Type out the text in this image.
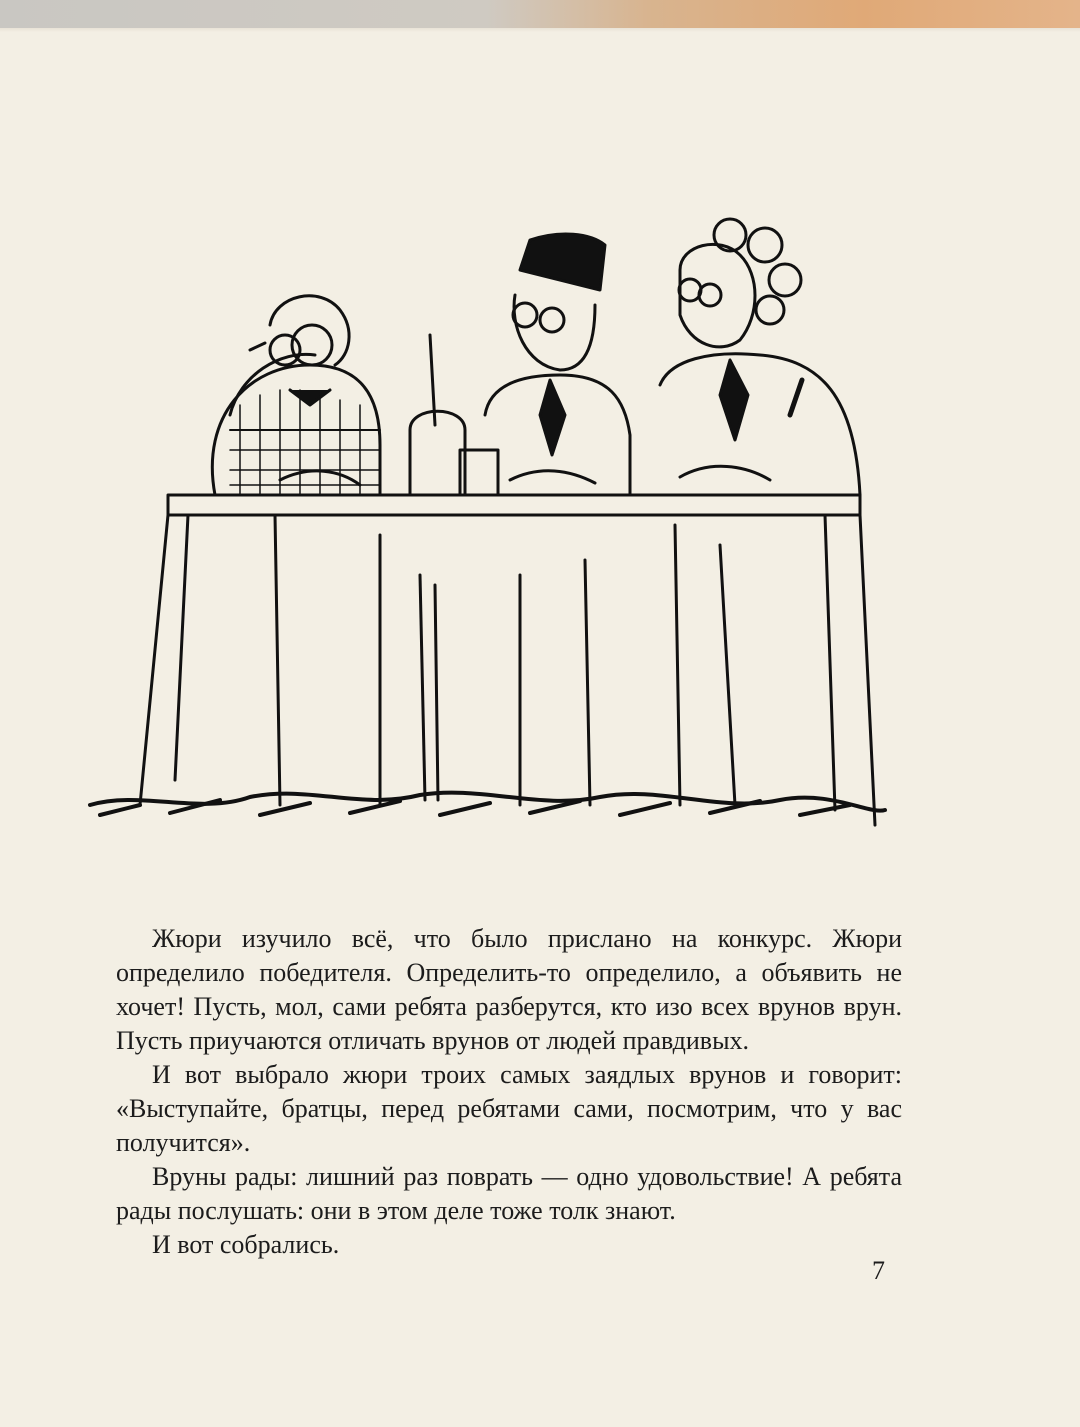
Жюри изучило всё, что было прислано на конкурс. Жюри определило победителя. Определить-то определило, а объявить не хочет! Пусть, мол, сами ребята разберутся, кто изо всех врунов врун. Пусть приучаются отличать врунов от людей правдивых.

И вот выбрало жюри троих самых заядлых врунов и говорит: «Выступайте, братцы, перед ребятами сами, посмотрим, что у вас получится».

Вруны рады: лишний раз поврать — одно удовольствие! А ребята рады послушать: они в этом деле тоже толк знают.

И вот собрались.

7
